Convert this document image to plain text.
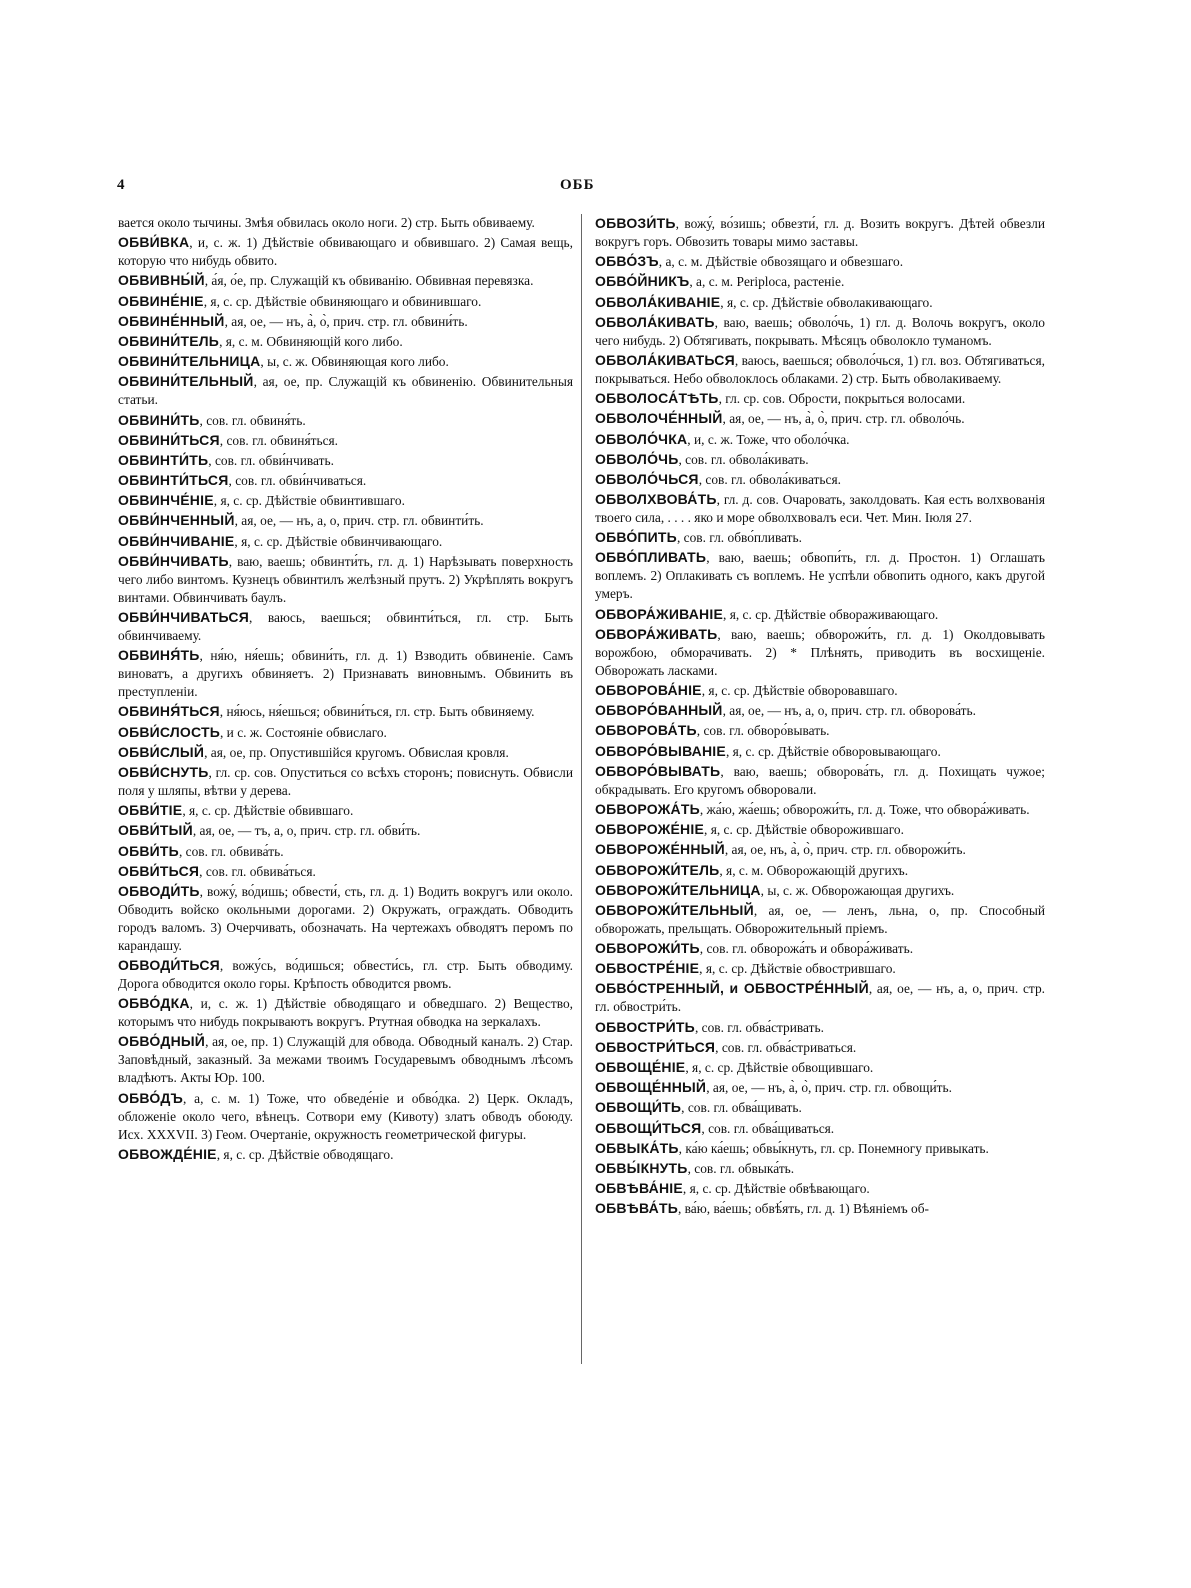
4	ОББ

вается около тычины. Змѣя обвилась около ноги. 2) стр. Быть обвиваему.

ОБВИ́ВКА, и, с. ж. 1) Дѣйствіе обвивающаго и обвившаго. 2) Самая вещь, которую что нибудь обвито.

ОБВИВНЫ́Й, а́я, о́е, пр. Служащій къ обвиванію. Обвивная перевязка.

ОБВИНЕ́НІЕ, я, с. ср. Дѣйствіе обвиняющаго и обвинившаго.

ОБВИНЕ́ННЫЙ, ая, ое, — нъ, а̀, о̀, прич. стр. гл. обвини́ть.

ОБВИНИ́ТЕЛЬ, я, с. м. Обвиняющій кого либо.

ОБВИНИ́ТЕЛЬНИЦА, ы, с. ж. Обвиняющая кого либо.

ОБВИНИ́ТЕЛЬНЫЙ, ая, ое, пр. Служащій къ обвиненію. Обвинительныя статьи.

ОБВИНИ́ТЬ, сов. гл. обвиня́ть.

ОБВИНИ́ТЬСЯ, сов. гл. обвиня́ться.

ОБВИНТИ́ТЬ, сов. гл. обви́нчивать.

ОБВИНТИ́ТЬСЯ, сов. гл. обви́нчиваться.

ОБВИНЧЕ́НІЕ, я, с. ср. Дѣйствіе обвинтившаго.

ОБВИ́НЧЕННЫЙ, ая, ое, — нъ, а, о, прич. стр. гл. обвинти́ть.

ОБВИ́НЧИВАНІЕ, я, с. ср. Дѣйствіе обвинчивающаго.

ОБВИ́НЧИВАТЬ, ваю, ваешь; обвинти́ть, гл. д. 1) Нарѣзывать поверхность чего либо винтомъ. Кузнецъ обвинтилъ желѣзный прутъ. 2) Укрѣплять вокругъ винтами. Обвинчивать баулъ.

ОБВИ́НЧИВАТЬСЯ, ваюсь, ваешься; обвинти́ться, гл. стр. Быть обвинчиваему.

ОБВИНЯ́ТЬ, ня́ю, ня́ешь; обвини́ть, гл. д. 1) Взводить обвиненіе. Самъ виноватъ, а другихъ обвиняетъ. 2) Признавать виновнымъ. Обвинить въ преступленіи.

ОБВИНЯ́ТЬСЯ, ня́юсь, ня́ешься; обвини́ться, гл. стр. Быть обвиняему.

ОБВИ́СЛОСТЬ, и с. ж. Состояніе обвислаго.

ОБВИ́СЛЫЙ, ая, ое, пр. Опустившійся кругомъ. Обвислая кровля.

ОБВИ́СНУТЬ, гл. ср. сов. Опуститься со всѣхъ сторонъ; повиснуть. Обвисли поля у шляпы, вѣтви у дерева.

ОБВИ́ТІЕ, я, с. ср. Дѣйствіе обвившаго.

ОБВИ́ТЫЙ, ая, ое, — тъ, а, о, прич. стр. гл. обви́ть.

ОБВИ́ТЬ, сов. гл. обвива́ть.

ОБВИ́ТЬСЯ, сов. гл. обвива́ться.

ОБВОДИ́ТЬ, вожу́, во́дишь; обвести́, сть, гл. д. 1) Водить вокругъ или около. Обводить войско окольными дорогами. 2) Окружать, ограждать. Обводить городъ валомъ. 3) Очерчивать, обозначать. На чертежахъ обводятъ перомъ по карандашу.

ОБВОДИ́ТЬСЯ, вожу́сь, во́дишься; обвести́сь, гл. стр. Быть обводиму. Дорога обводится около горы. Крѣпость обводится рвомъ.

ОБВО́ДКА, и, с. ж. 1) Дѣйствіе обводящаго и обведшаго. 2) Вещество, которымъ что нибудь покрываютъ вокругъ. Ртутная обводка на зеркалахъ.

ОБВО́ДНЫЙ, ая, ое, пр. 1) Служащій для обвода. Обводный каналъ. 2) Стар. Заповѣдный, заказный. За межами твоимъ Государевымъ обводнымъ лѣсомъ владѣютъ. Акты Юр. 100.

ОБВО́ДЪ, а, с. м. 1) Тоже, что обведе́ніе и обво́дка. 2) Церк. Окладъ, обложеніе около чего, вѣнецъ. Сотвори ему (Кивоту) златъ обводъ обоюду. Исх. XXXVII. 3) Геом. Очертаніе, окружность геометрической фигуры.

ОБВОЖДЕ́НІЕ, я, с. ср. Дѣйствіе обводящаго.

ОБВОЗИ́ТЬ, вожу́, во́зишь; обвезти́, гл. д. Возить вокругъ. Дѣтей обвезли вокругъ горъ. Обвозить товары мимо заставы.

ОБВО́ЗЪ, а, с. м. Дѣйствіе обвозящаго и обвезшаго.

ОБВО́ЙНИКЪ, а, с. м. Periploca, растеніе.

ОБВОЛА́КИВАНІЕ, я, с. ср. Дѣйствіе обволакивающаго.

ОБВОЛА́КИВАТЬ, ваю, ваешь; обволо́чь, 1) гл. д. Волочь вокругъ, около чего нибудь. 2) Обтягивать, покрывать. Мѣсяцъ обволокло туманомъ.

ОБВОЛА́КИВАТЬСЯ, ваюсь, ваешься; обволо́чься, 1) гл. воз. Обтягиваться, покрываться. Небо обволоклось облаками. 2) стр. Быть обволакиваему.

ОБВОЛОСА́ТѢТЬ, гл. ср. сов. Обрости, покрыться волосами.

ОБВОЛОЧЕ́ННЫЙ, ая, ое, — нъ, а̀, о̀, прич. стр. гл. обволо́чь.

ОБВОЛО́ЧКА, и, с. ж. Тоже, что оболо́чка.

ОБВОЛО́ЧЬ, сов. гл. обвола́кивать.

ОБВОЛО́ЧЬСЯ, сов. гл. обвола́киваться.

ОБВОЛХВОВА́ТЬ, гл. д. сов. Очаровать, заколдовать. Кая есть волхвованія твоего сила, . . . . яко и море обволхвовалъ еси. Чет. Мин. Іюля 27.

ОБВО́ПИТЬ, сов. гл. обво́пливать.

ОБВО́ПЛИВАТЬ, ваю, ваешь; обвопи́ть, гл. д. Простон. 1) Оглашать воплемъ. 2) Оплакивать съ воплемъ. Не успѣли обвопить одного, какъ другой умеръ.

ОБВОРА́ЖИВАНІЕ, я, с. ср. Дѣйствіе обвораживающаго.

ОБВОРА́ЖИВАТЬ, ваю, ваешь; обворожи́ть, гл. д. 1) Околдовывать ворожбою, обморачивать. 2) * Плѣнять, приводить въ восхищеніе. Обворожать ласками.

ОБВОРОВА́НІЕ, я, с. ср. Дѣйствіе обворовавшаго.

ОБВОРО́ВАННЫЙ, ая, ое, — нъ, а, о, прич. стр. гл. обворова́ть.

ОБВОРОВА́ТЬ, сов. гл. обворо́вывать.

ОБВОРО́ВЫВАНІЕ, я, с. ср. Дѣйствіе обворовывающаго.

ОБВОРО́ВЫВАТЬ, ваю, ваешь; обворова́ть, гл. д. Похищать чужое; обкрадывать. Его кругомъ обворовали.

ОБВОРОЖА́ТЬ, жа́ю, жа́ешь; обворожи́ть, гл. д. Тоже, что обвора́живать.

ОБВОРОЖЕ́НІЕ, я, с. ср. Дѣйствіе обворожившаго.

ОБВОРОЖЕ́ННЫЙ, ая, ое, нъ, а̀, о̀, прич. стр. гл. обворожи́ть.

ОБВОРОЖИ́ТЕЛЬ, я, с. м. Обворожающій другихъ.

ОБВОРОЖИ́ТЕЛЬНИЦА, ы, с. ж. Обворожающая другихъ.

ОБВОРОЖИ́ТЕЛЬНЫЙ, ая, ое, — ленъ, льна, о, пр. Способный обворожать, прельщать. Обворожительный пріемъ.

ОБВОРОЖИ́ТЬ, сов. гл. обворожа́ть и обвора́живать.

ОБВОСТРЕ́НІЕ, я, с. ср. Дѣйствіе обвострившаго.

ОБВО́СТРЕННЫЙ, и ОБВОСТРЕ́ННЫЙ, ая, ое, — нъ, а, о, прич. стр. гл. обвостри́ть.

ОБВОСТРИ́ТЬ, сов. гл. обва́стривать.

ОБВОСТРИ́ТЬСЯ, сов. гл. обва́стриваться.

ОБВОЩЕ́НІЕ, я, с. ср. Дѣйствіе обвощившаго.

ОБВОЩЕ́ННЫЙ, ая, ое, — нъ, а̀, о̀, прич. стр. гл. обвощи́ть.

ОБВОЩИ́ТЬ, сов. гл. обва́щивать.

ОБВОЩИ́ТЬСЯ, сов. гл. обва́щиваться.

ОБВЫКА́ТЬ, ка́ю ка́ешь; обвы́кнуть, гл. ср. Понемногу привыкать.

ОБВЫ́КНУТЬ, сов. гл. обвыка́ть.

ОБВѢВА́НІЕ, я, с. ср. Дѣйствіе обвѣвающаго.

ОБВѢВА́ТЬ, ва́ю, ва́ешь; обвѣ́ять, гл. д. 1) Вѣяніемъ об-
